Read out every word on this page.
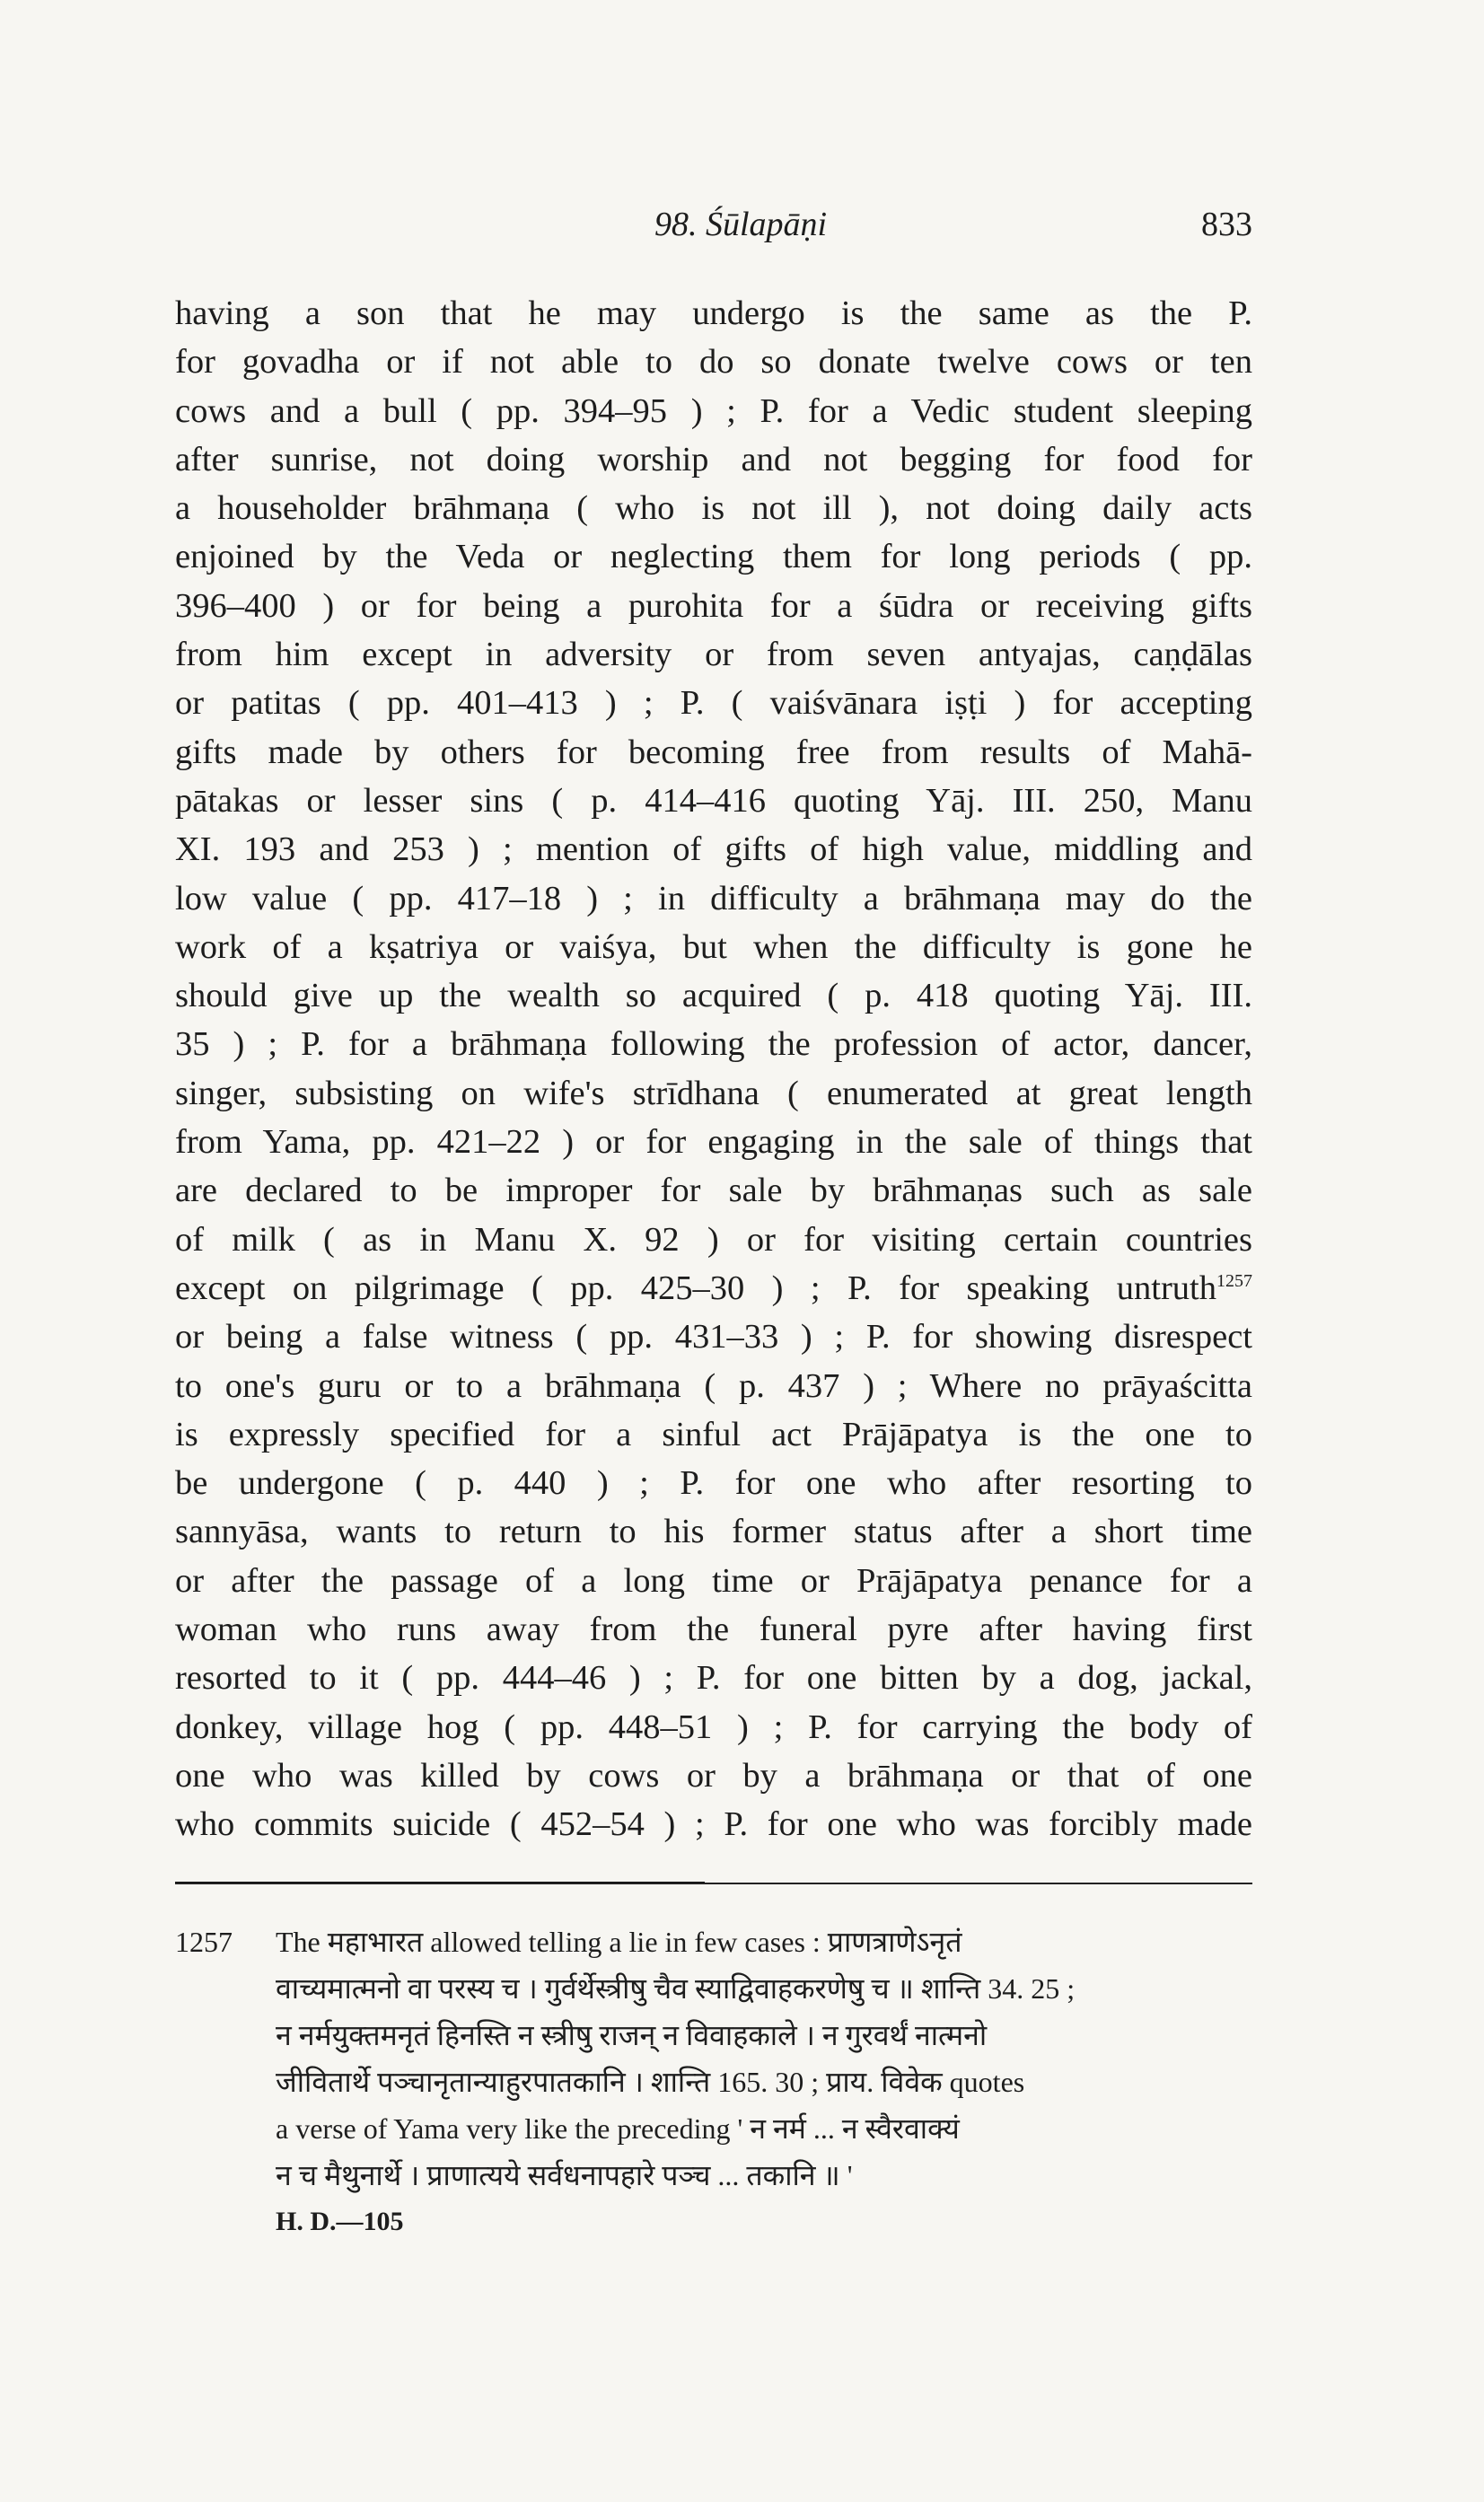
98. Śūlapāṇi	833
having a son that he may undergo is the same as the P.
for govadha or if not able to do so donate twelve cows or ten
cows and a bull ( pp. 394–95 ) ; P. for a Vedic student sleeping
after sunrise, not doing worship and not begging for food for
a householder brāhmaṇa ( who is not ill ), not doing daily acts
enjoined by the Veda or neglecting them for long periods ( pp.
396–400 ) or for being a purohita for a śūdra or receiving gifts
from him except in adversity or from seven antyajas, caṇḍālas
or patitas ( pp. 401–413 ) ; P. ( vaiśvānara iṣṭi ) for accepting
gifts made by others for becoming free from results of Mahā-
pātakas or lesser sins ( p. 414–416 quoting Yāj. III. 250, Manu
XI. 193 and 253 ) ; mention of gifts of high value, middling and
low value ( pp. 417–18 ) ; in difficulty a brāhmaṇa may do the
work of a kṣatriya or vaiśya, but when the difficulty is gone he
should give up the wealth so acquired ( p. 418 quoting Yāj. III.
35 ) ; P. for a brāhmaṇa following the profession of actor, dancer,
singer, subsisting on wife's strīdhana ( enumerated at great length
from Yama, pp. 421–22 ) or for engaging in the sale of things that
are declared to be improper for sale by brāhmaṇas such as sale
of milk ( as in Manu X. 92 ) or for visiting certain countries
except on pilgrimage ( pp. 425–30 ) ; P. for speaking untruth$^{1257}$
or being a false witness ( pp. 431–33 ) ; P. for showing disrespect
to one's guru or to a brāhmaṇa ( p. 437 ) ; Where no prāyaścitta
is expressly specified for a sinful act Prājāpatya is the one to
be undergone ( p. 440 ) ; P. for one who after resorting to
sannyāsa, wants to return to his former status after a short time
or after the passage of a long time or Prājāpatya penance for a
woman who runs away from the funeral pyre after having first
resorted to it ( pp. 444–46 ) ; P. for one bitten by a dog, jackal,
donkey, village hog ( pp. 448–51 ) ; P. for carrying the body of
one who was killed by cows or by a brāhmaṇa or that of one
who commits suicide ( 452–54 ) ; P. for one who was forcibly made
1257 The महाभारत allowed telling a lie in few cases : प्राणत्राणेऽनृतं
वाच्यमात्मनो वा परस्य च । गुर्वर्थेस्त्रीषु चैव स्याद्विवाहकरणेषु च ॥ शान्ति 34. 25 ;
न नर्मयुक्तमनृतं हिनस्ति न स्त्रीषु राजन् न विवाहकाले । न गुरवर्थं नात्मनो
जीवितार्थे पञ्चानृतान्याहुरपातकानि । शान्ति 165. 30 ; प्राय. विवेक quotes
a verse of Yama very like the preceding ' न नर्म ... न स्वैरवाक्यं
न च मैथुनार्थे । प्राणात्यये सर्वधनापहारे पञ्च ... तकानि ॥ '
H. D.—105
